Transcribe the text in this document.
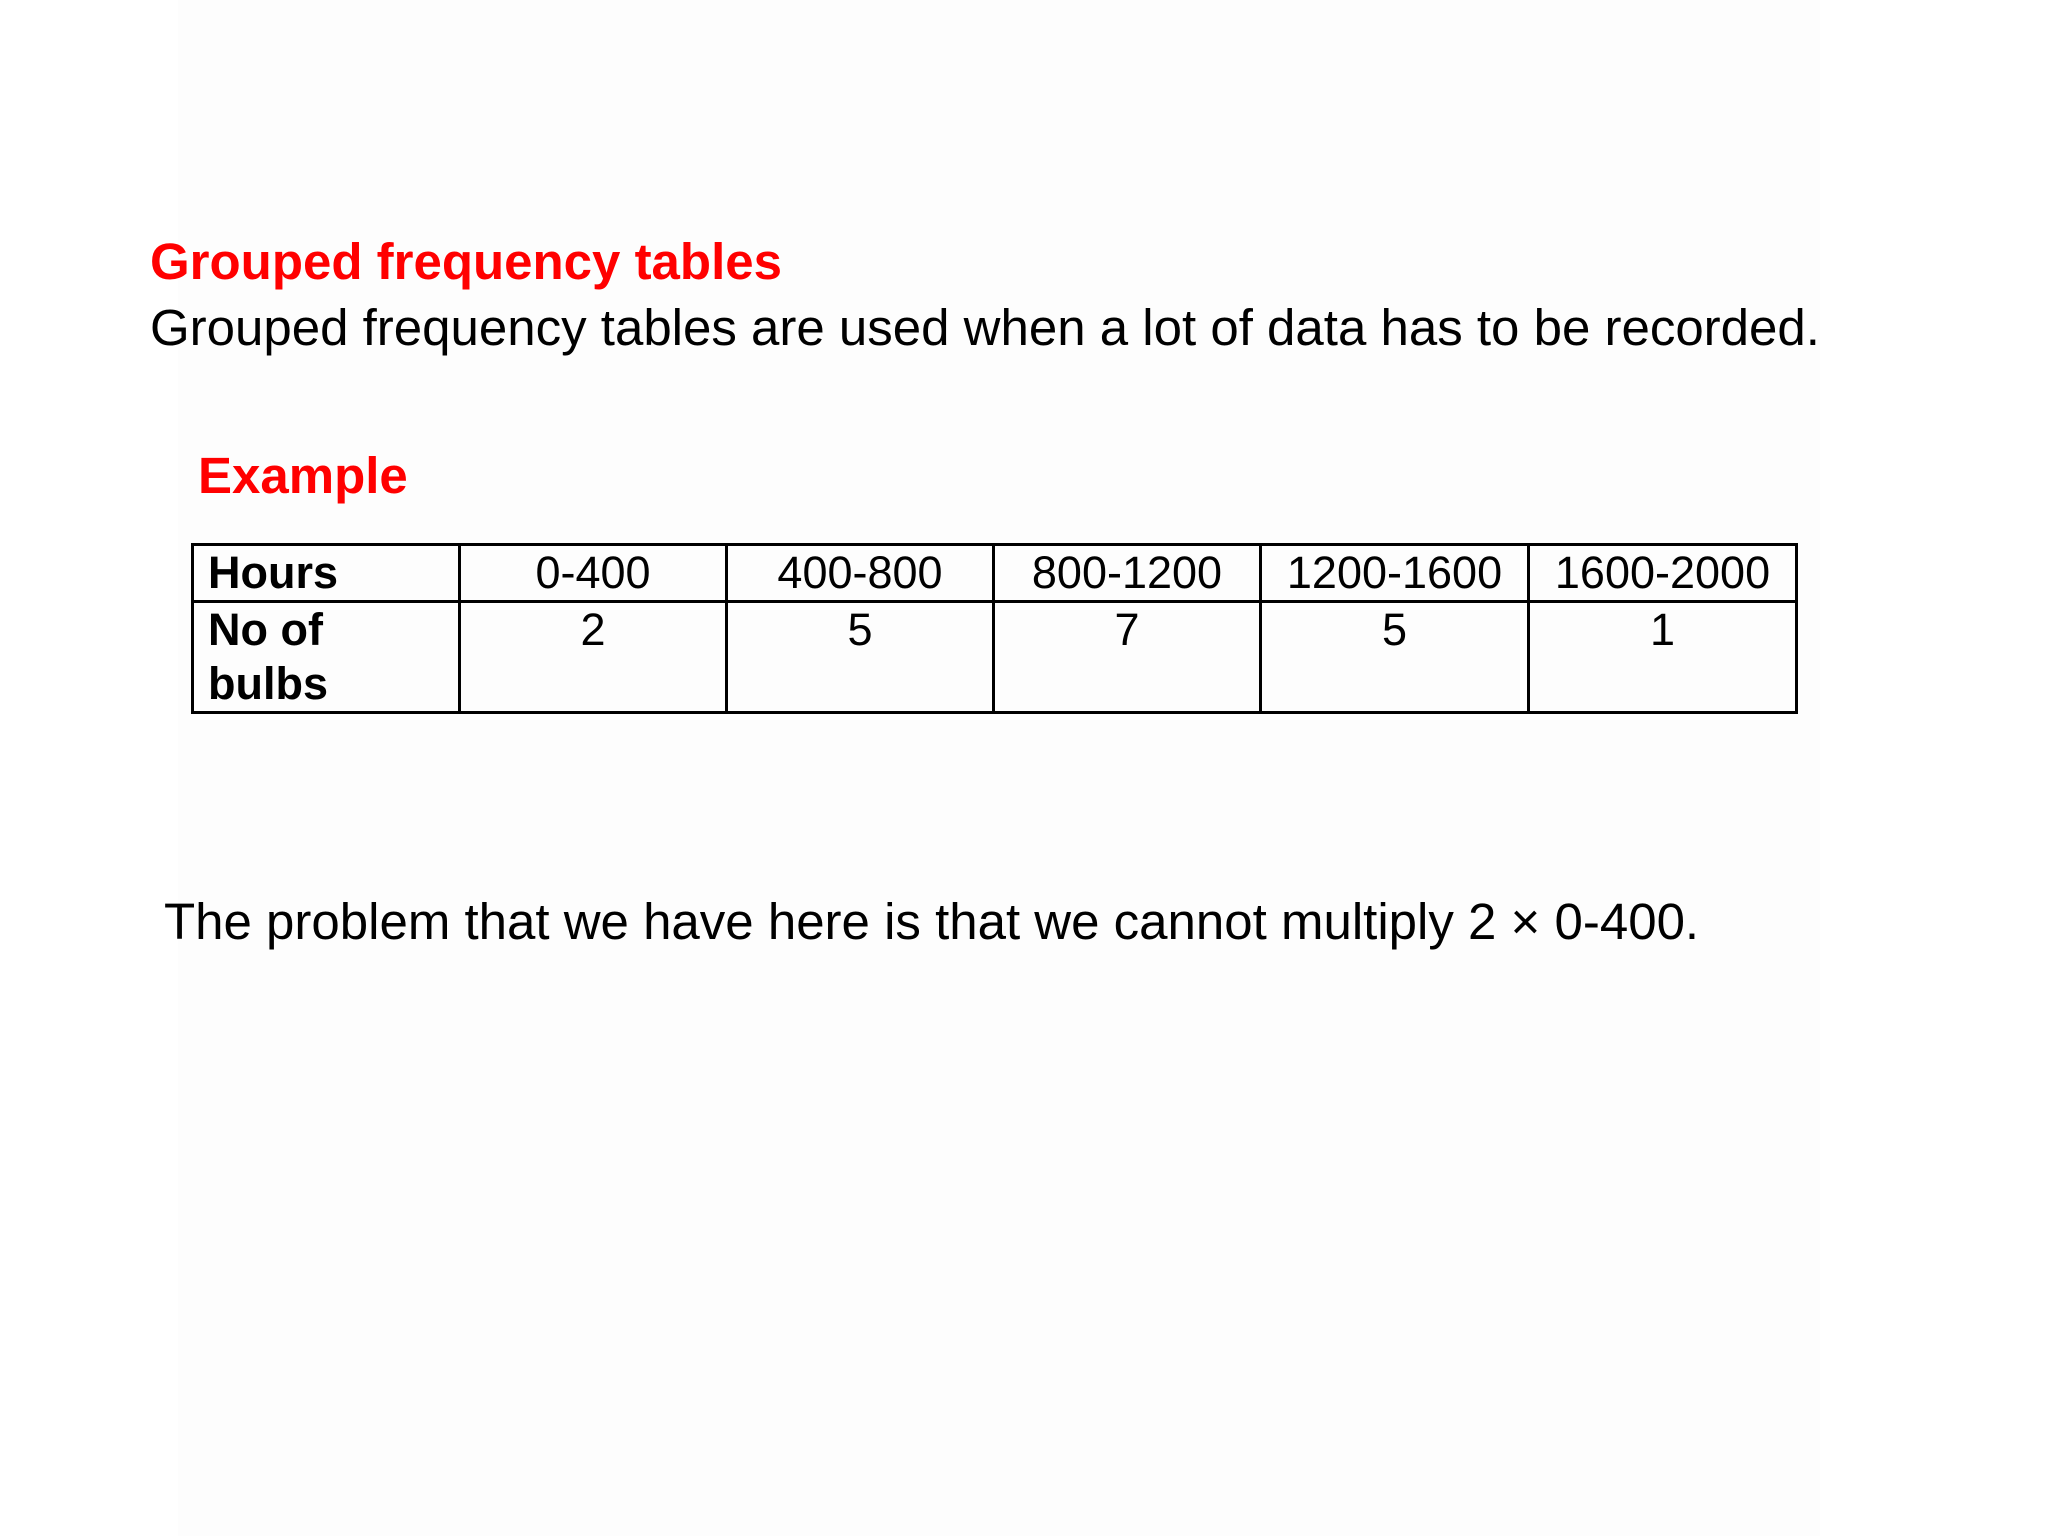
Grouped frequency tables
Grouped frequency tables are used when a lot of data has to be recorded.
Example
Hours	0-400	400-800	800-1200	1200-1600	1600-2000
No of bulbs	2	5	7	5	1
The problem that we have here is that we cannot multiply 2 × 0-400.
